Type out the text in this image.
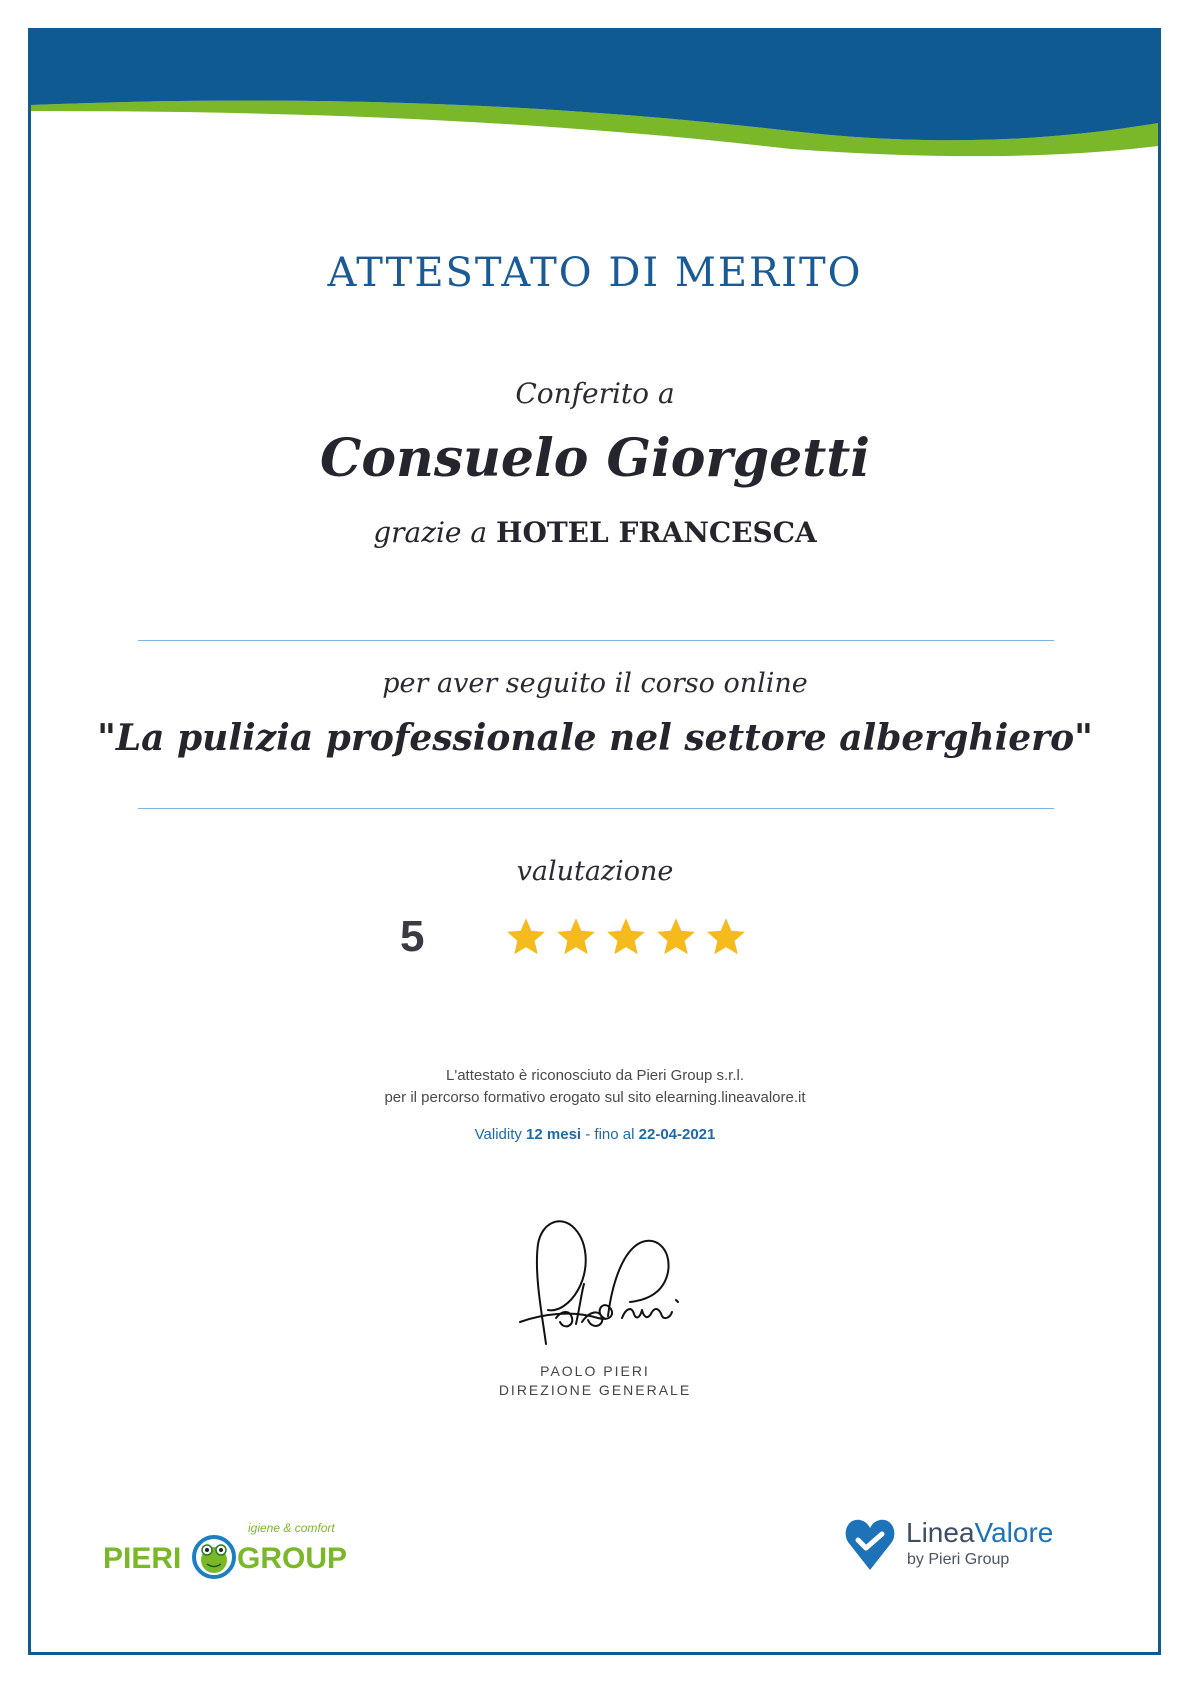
ATTESTATO DI MERITO
Conferito a
Consuelo Giorgetti
grazie a HOTEL FRANCESCA
per aver seguito il corso online
"La pulizia professionale nel settore alberghiero"
valutazione
5
L'attestato è riconosciuto da Pieri Group s.r.l.
per il percorso formativo erogato sul sito elearning.lineavalore.it
Validity 12 mesi - fino al 22-04-2021
PAOLO PIERI
DIREZIONE GENERALE
PIERI GROUP
igiene & comfort	LineaValore
by Pieri Group
